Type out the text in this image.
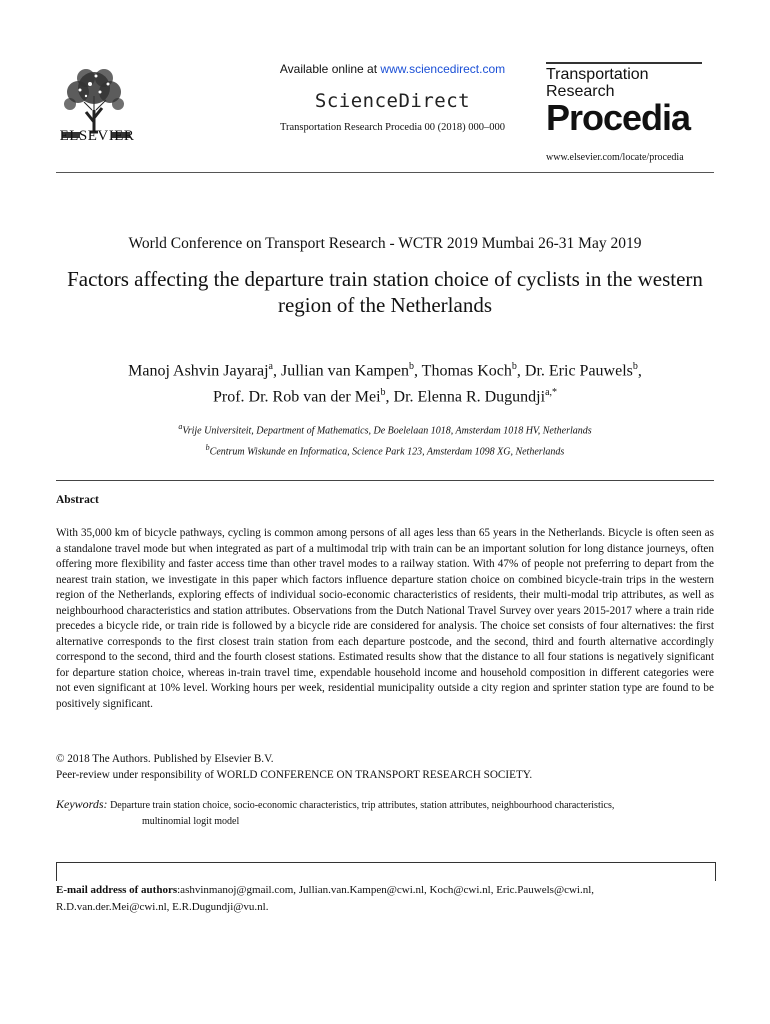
ELSEVIER
Available online at www.sciencedirect.com
ScienceDirect
Transportation Research Procedia 00 (2018) 000–000
Transportation
Research
Procedia
www.elsevier.com/locate/procedia
World Conference on Transport Research - WCTR 2019 Mumbai 26-31 May 2019
Factors affecting the departure train station choice of cyclists in the western region of the Netherlands
Manoj Ashvin Jayaraj$^a$, Jullian van Kampen$^b$, Thomas Koch$^b$, Dr. Eric Pauwels$^b$,
Prof. Dr. Rob van der Mei$^b$, Dr. Elenna R. Dugundji$^{a,*}$
$^a$Vrije Universiteit, Department of Mathematics, De Boelelaan 1018, Amsterdam 1018 HV, Netherlands
$^b$Centrum Wiskunde en Informatica, Science Park 123, Amsterdam 1098 XG, Netherlands
Abstract
With 35,000 km of bicycle pathways, cycling is common among persons of all ages less than 65 years in the Netherlands. Bicycle is often seen as a standalone travel mode but when integrated as part of a multimodal trip with train can be an important solution for long distance journeys, often offering more flexibility and faster access time than other travel modes to a railway station. With 47% of people not preferring to depart from the nearest train station, we investigate in this paper which factors influence departure station choice on combined bicycle-train trips in the western region of the Netherlands, exploring effects of individual socio-economic characteristics of residents, their multi-modal trip attributes, as well as neighbourhood characteristics and station attributes. Observations from the Dutch National Travel Survey over years 2015-2017 where a train ride precedes a bicycle ride, or train ride is followed by a bicycle ride are considered for analysis. The choice set consists of four alternatives: the first alternative corresponds to the first closest train station from each departure postcode, and the second, third and fourth alternative accordingly correspond to the second, third and the fourth closest stations. Estimated results show that the distance to all four stations is negatively significant for departure station choice, whereas in-train travel time, expendable household income and household composition in different categories were not even significant at 10% level. Working hours per week, residential municipality outside a city region and sprinter station type are found to be positively significant.
© 2018 The Authors. Published by Elsevier B.V.
Peer-review under responsibility of WORLD CONFERENCE ON TRANSPORT RESEARCH SOCIETY.
Keywords: Departure train station choice, socio-economic characteristics, trip attributes, station attributes, neighbourhood characteristics,
multinomial logit model
E-mail address of authors:ashvinmanoj@gmail.com, Jullian.van.Kampen@cwi.nl, Koch@cwi.nl, Eric.Pauwels@cwi.nl,
R.D.van.der.Mei@cwi.nl, E.R.Dugundji@vu.nl.
